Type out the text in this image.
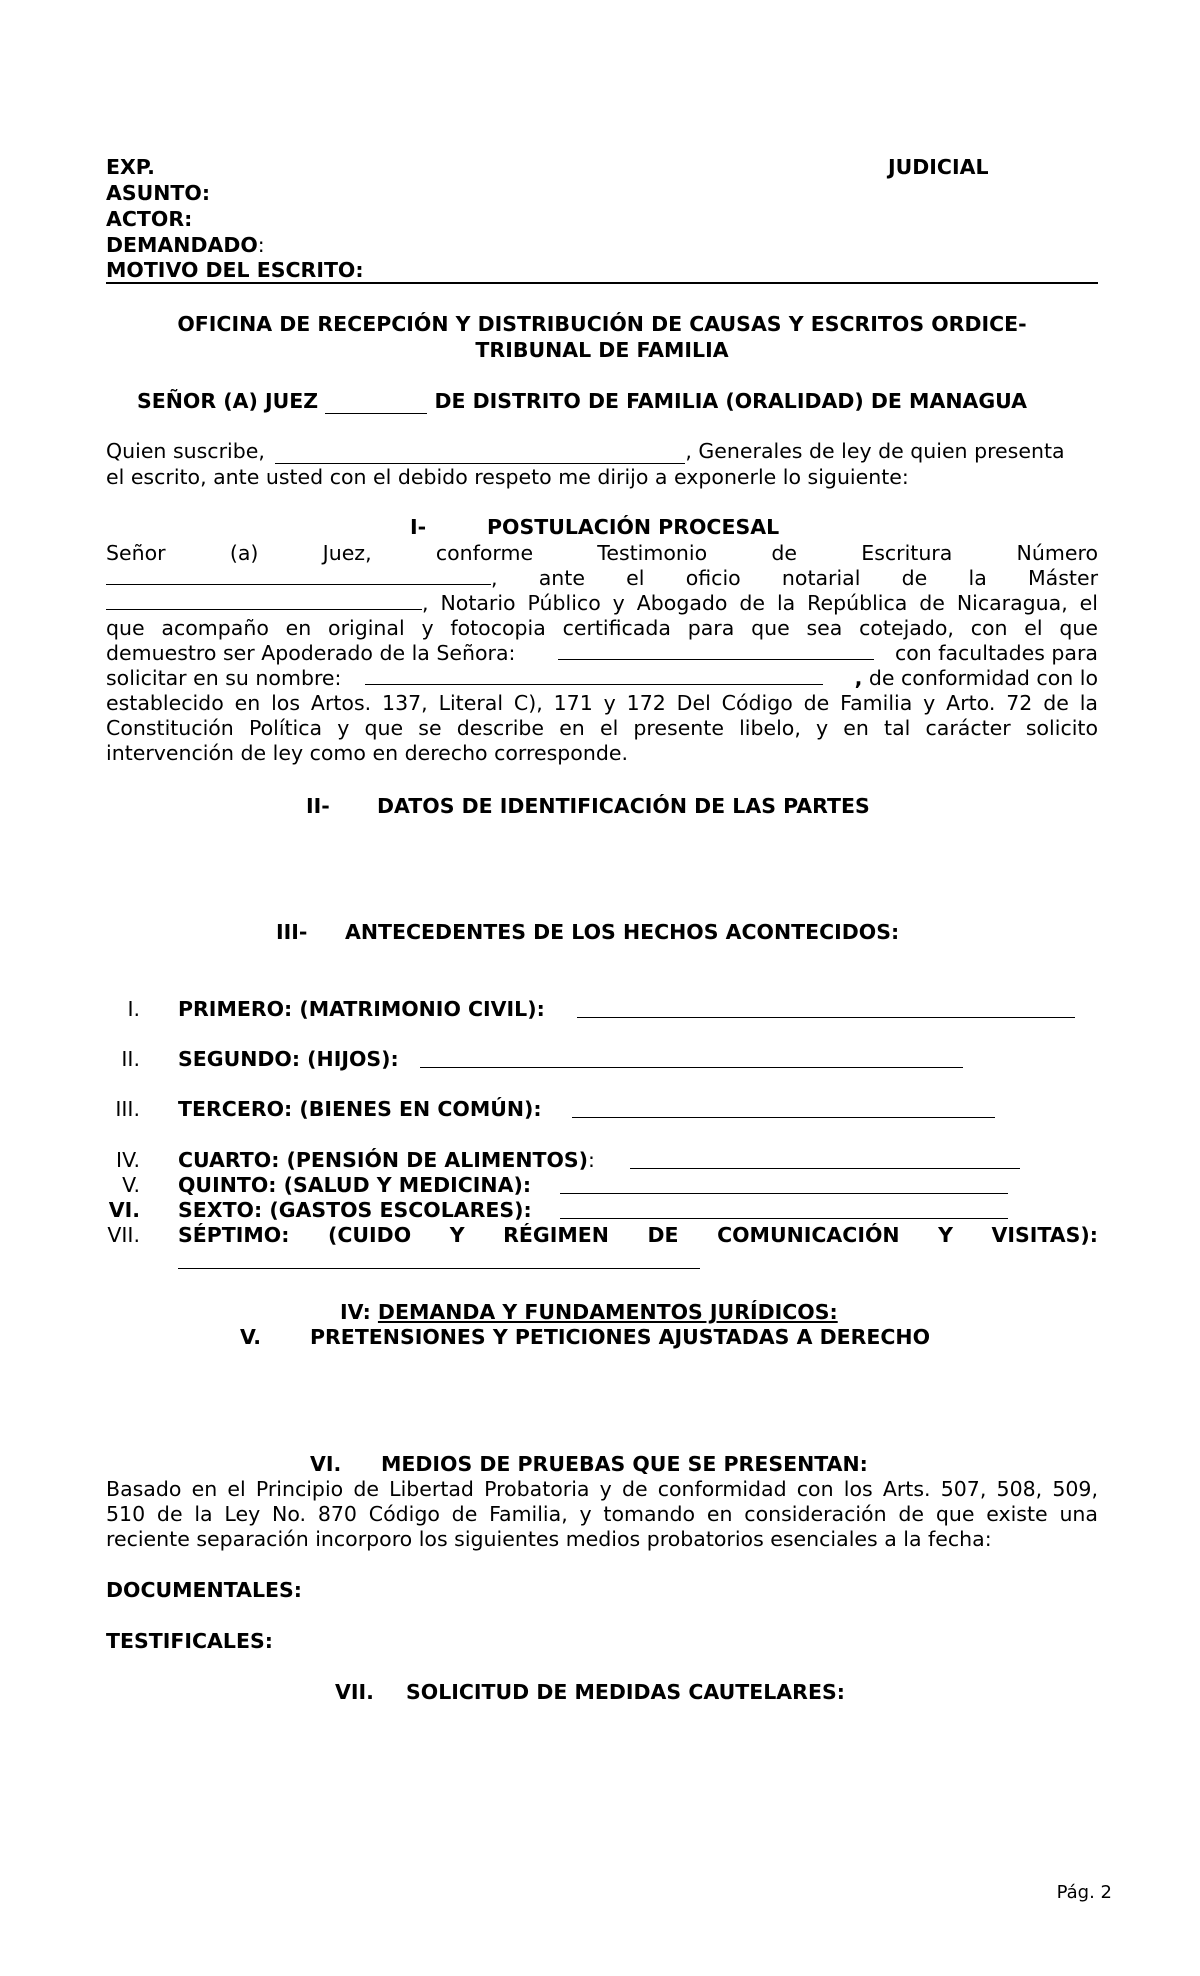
EXP.	JUDICIAL
ASUNTO:
ACTOR:
DEMANDADO:
MOTIVO DEL ESCRITO:
OFICINA DE RECEPCIÓN Y DISTRIBUCIÓN DE CAUSAS Y ESCRITOS ORDICE-
TRIBUNAL DE FAMILIA
SEÑOR (A) JUEZ	DE DISTRITO DE FAMILIA (ORALIDAD) DE MANAGUA
Quien suscribe,	, Generales de ley de quien presenta
el escrito, ante usted con el debido respeto me dirijo a exponerle lo siguiente:
I-	POSTULACIÓN PROCESAL
Señor (a) Juez, conforme Testimonio de Escritura Número
, ante el oficio notarial de la Máster
, Notario Público y Abogado de la República de Nicaragua, el
que acompaño en original y fotocopia certificada para que sea cotejado, con el que
demuestro ser Apoderado de la Señora:	con facultades para
solicitar en su nombre:	, de conformidad con lo
establecido en los Artos. 137, Literal C), 171 y 172 Del Código de Familia y Arto. 72 de la
Constitución Política y que se describe en el presente libelo, y en tal carácter solicito
intervención de ley como en derecho corresponde.
II- DATOS DE IDENTIFICACIÓN DE LAS PARTES
III- ANTECEDENTES DE LOS HECHOS ACONTECIDOS:
I. PRIMERO: (MATRIMONIO CIVIL):
II. SEGUNDO: (HIJOS):
III. TERCERO: (BIENES EN COMÚN):
IV. CUARTO: (PENSIÓN DE ALIMENTOS):
V. QUINTO: (SALUD Y MEDICINA):
VI. SEXTO: (GASTOS ESCOLARES):
VII. SÉPTIMO: (CUIDO Y RÉGIMEN DE COMUNICACIÓN Y VISITAS):
IV: DEMANDA Y FUNDAMENTOS JURÍDICOS:
V. PRETENSIONES Y PETICIONES AJUSTADAS A DERECHO
VI. MEDIOS DE PRUEBAS QUE SE PRESENTAN:
Basado en el Principio de Libertad Probatoria y de conformidad con los Arts. 507, 508, 509,
510 de la Ley No. 870 Código de Familia, y tomando en consideración de que existe una
reciente separación incorporo los siguientes medios probatorios esenciales a la fecha:
DOCUMENTALES:
TESTIFICALES:
VII. SOLICITUD DE MEDIDAS CAUTELARES:
Pág. 2
